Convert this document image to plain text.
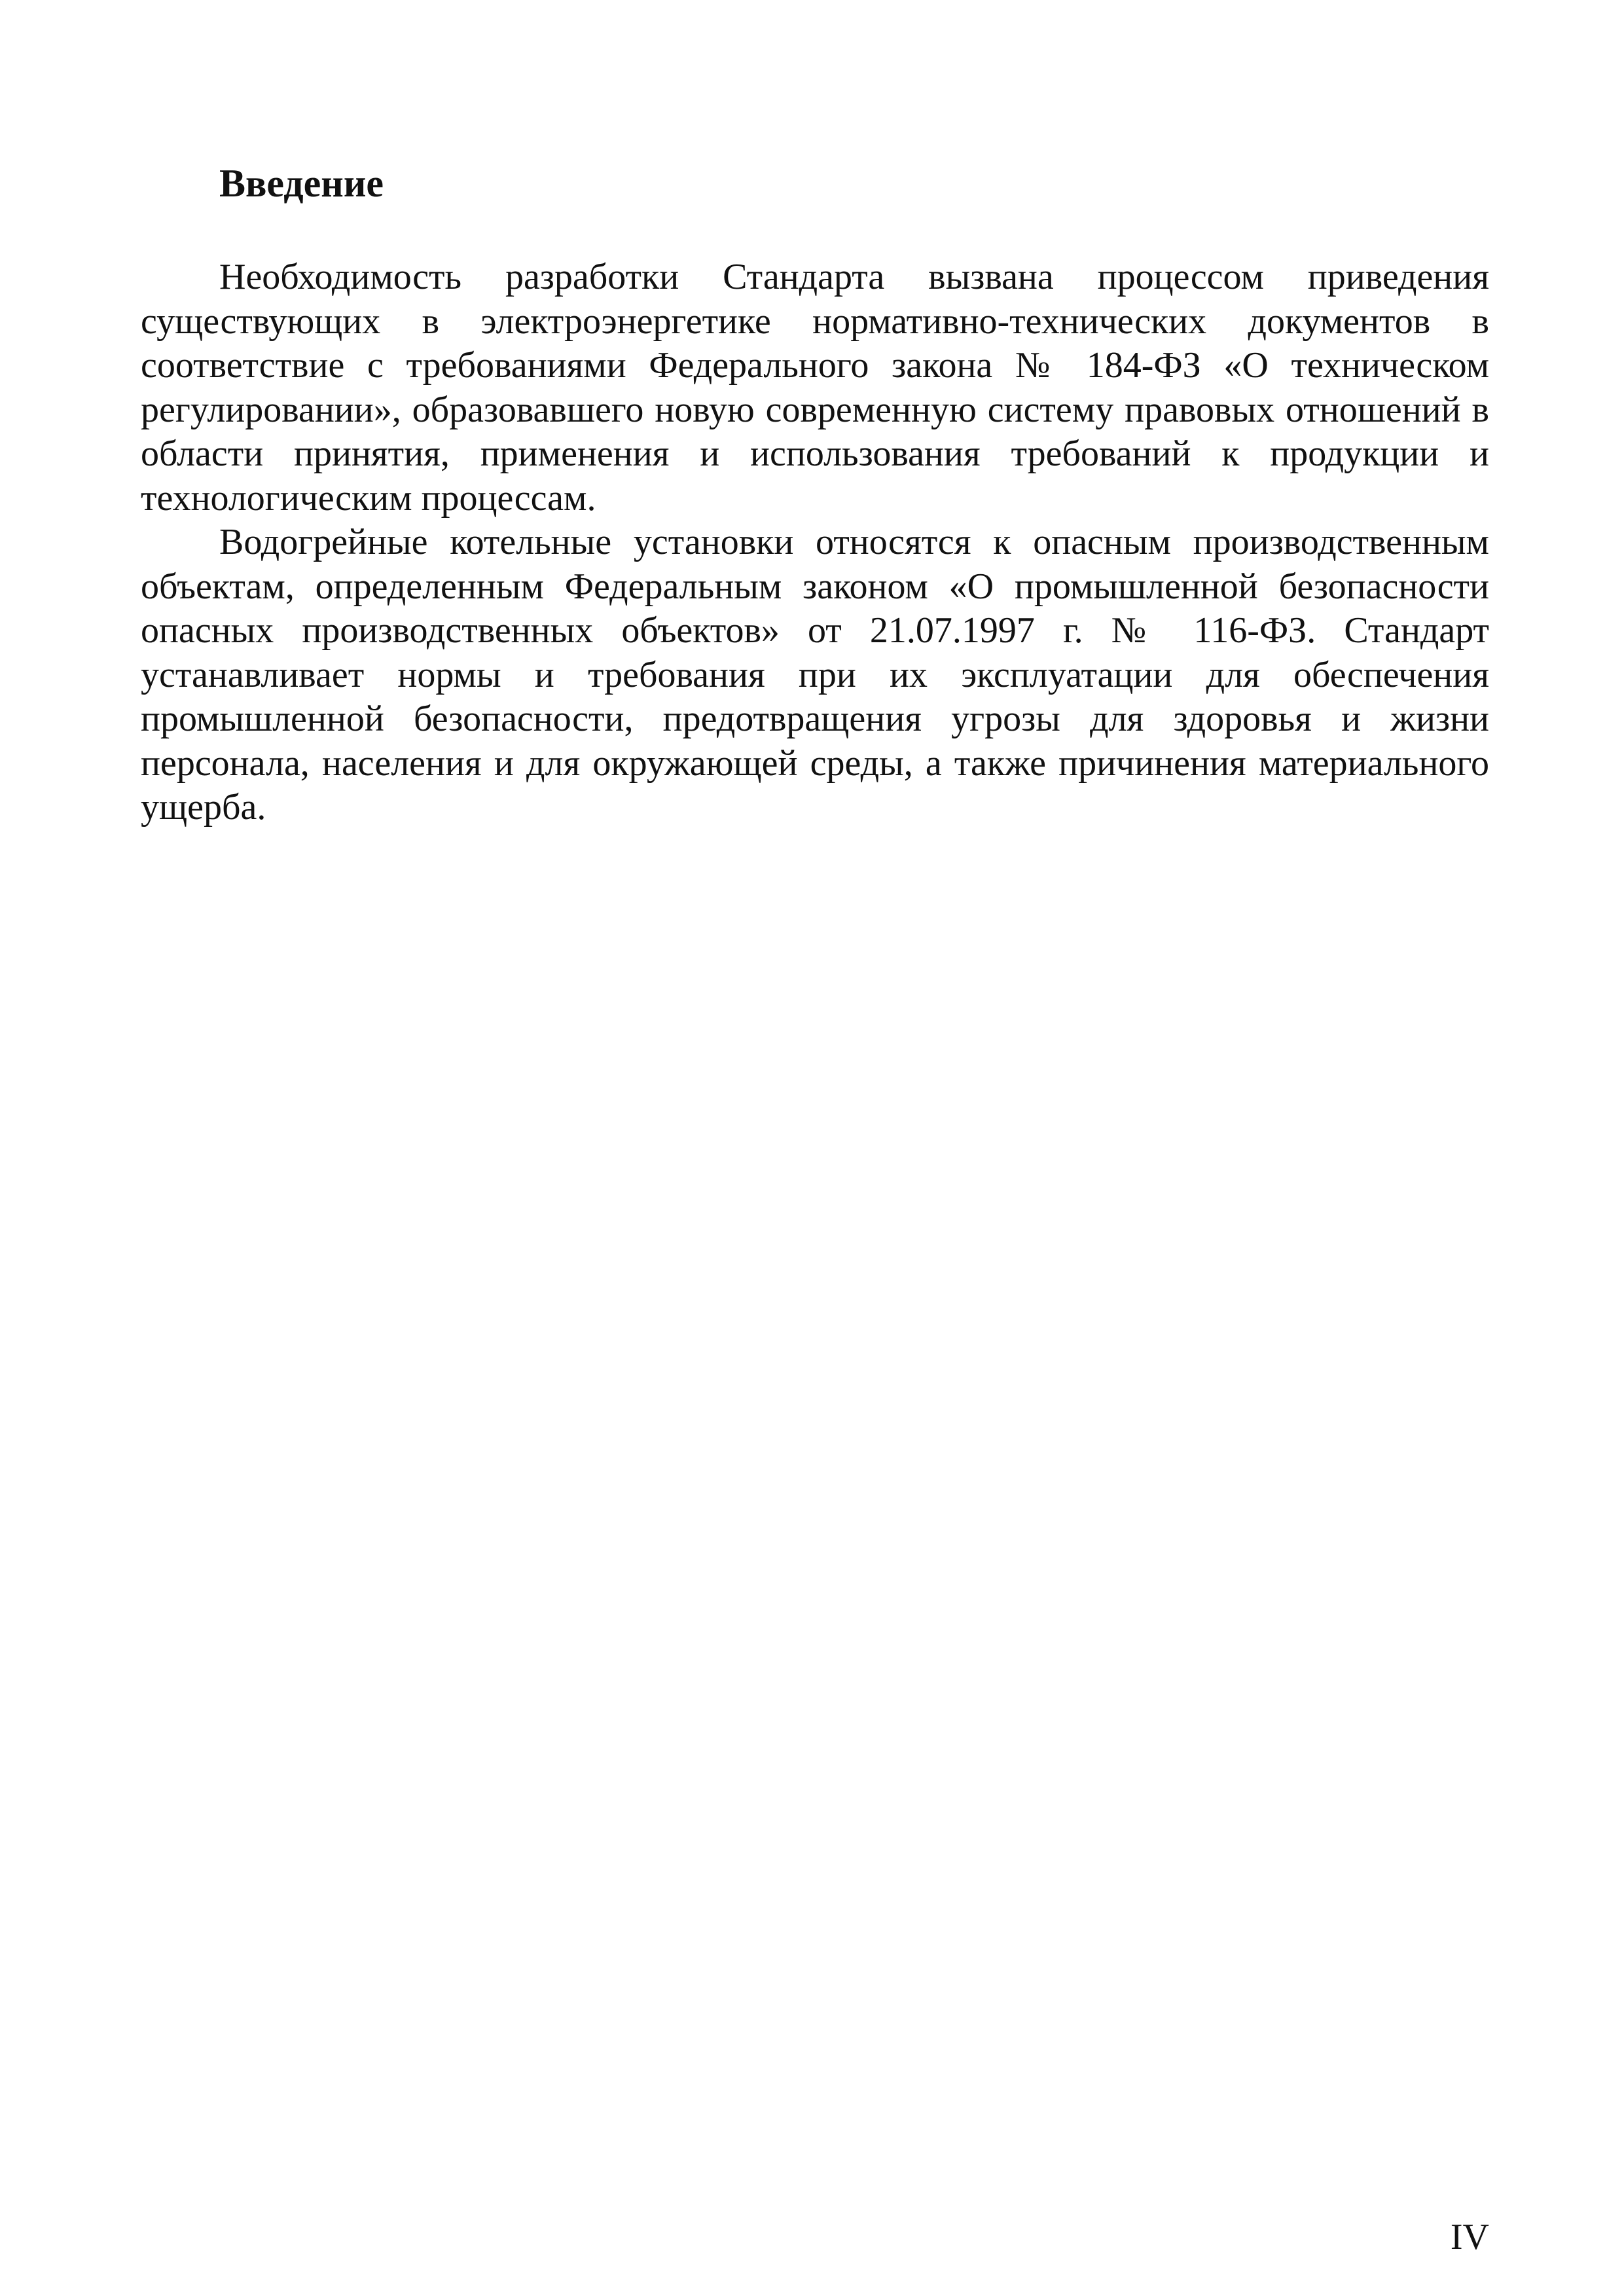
Введение

Необходимость разработки Стандарта вызвана процессом приведения существующих в электроэнергетике нормативно-технических документов в соответствие с требованиями Федерального закона № 184-ФЗ «О техническом регулировании», образовавшего новую современную систему правовых отношений в области принятия, применения и использования требований к продукции и технологическим процессам.

Водогрейные котельные установки относятся к опасным производственным объектам, определенным Федеральным законом «О промышленной безопасности опасных производственных объектов» от 21.07.1997 г. № 116-ФЗ. Стандарт устанавливает нормы и требования при их эксплуатации для обеспечения промышленной безопасности, предотвращения угрозы для здоровья и жизни персонала, населения и для окружающей среды, а также причинения материального ущерба.

IV
